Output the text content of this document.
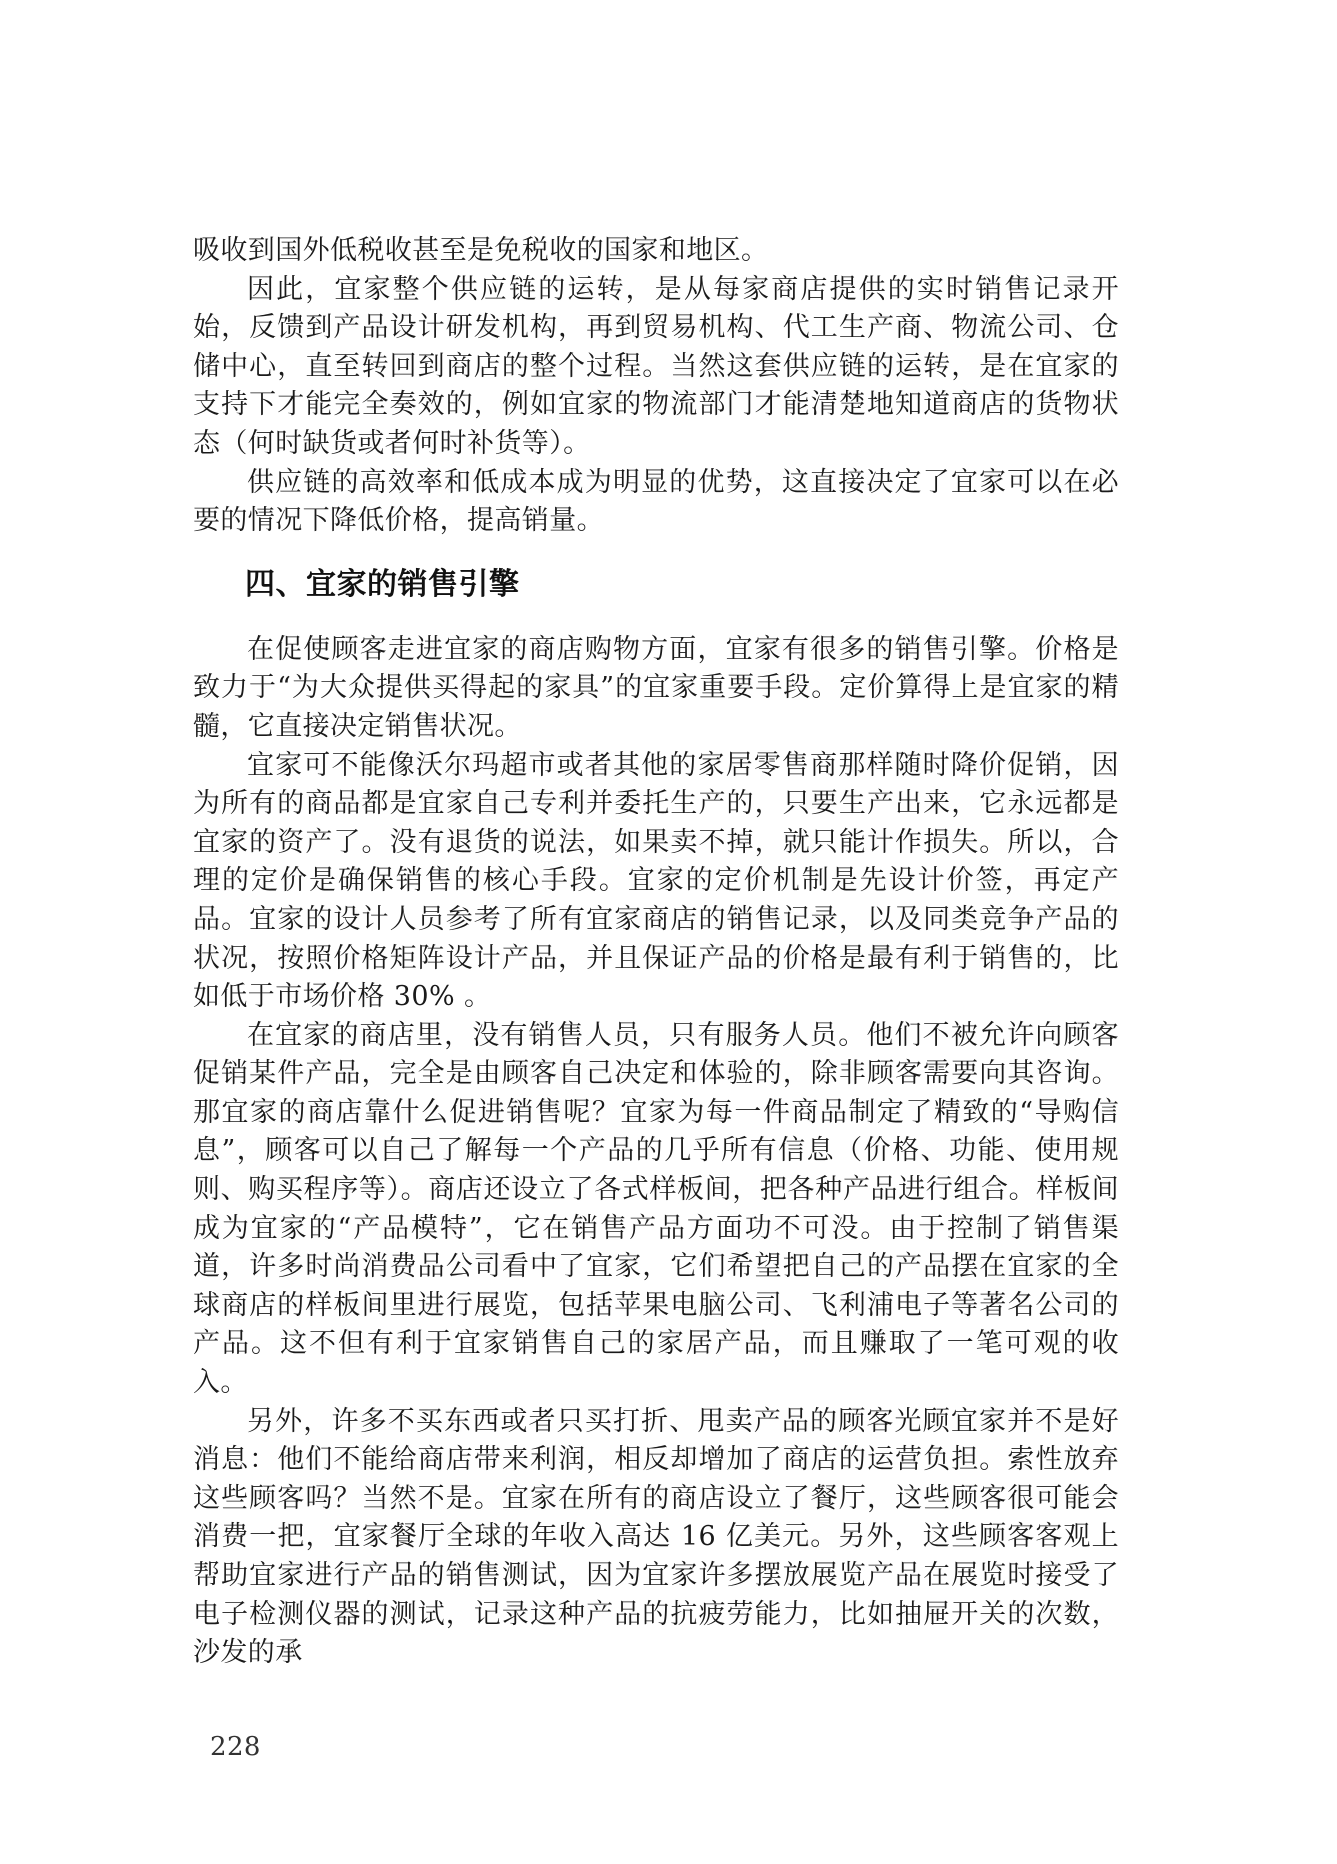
吸收到国外低税收甚至是免税收的国家和地区。

因此，宜家整个供应链的运转，是从每家商店提供的实时销售记录开始，反馈到产品设计研发机构，再到贸易机构、代工生产商、物流公司、仓储中心，直至转回到商店的整个过程。当然这套供应链的运转，是在宜家的支持下才能完全奏效的，例如宜家的物流部门才能清楚地知道商店的货物状态（何时缺货或者何时补货等）。

供应链的高效率和低成本成为明显的优势，这直接决定了宜家可以在必要的情况下降低价格，提高销量。

四、宜家的销售引擎

在促使顾客走进宜家的商店购物方面，宜家有很多的销售引擎。价格是致力于“为大众提供买得起的家具”的宜家重要手段。定价算得上是宜家的精髓，它直接决定销售状况。

宜家可不能像沃尔玛超市或者其他的家居零售商那样随时降价促销，因为所有的商品都是宜家自己专利并委托生产的，只要生产出来，它永远都是宜家的资产了。没有退货的说法，如果卖不掉，就只能计作损失。所以，合理的定价是确保销售的核心手段。宜家的定价机制是先设计价签，再定产品。宜家的设计人员参考了所有宜家商店的销售记录，以及同类竞争产品的状况，按照价格矩阵设计产品，并且保证产品的价格是最有利于销售的，比如低于市场价格 30% 。

在宜家的商店里，没有销售人员，只有服务人员。他们不被允许向顾客促销某件产品，完全是由顾客自己决定和体验的，除非顾客需要向其咨询。那宜家的商店靠什么促进销售呢？宜家为每一件商品制定了精致的“导购信息”，顾客可以自己了解每一个产品的几乎所有信息（价格、功能、使用规则、购买程序等）。商店还设立了各式样板间，把各种产品进行组合。样板间成为宜家的“产品模特”，它在销售产品方面功不可没。由于控制了销售渠道，许多时尚消费品公司看中了宜家，它们希望把自己的产品摆在宜家的全球商店的样板间里进行展览，包括苹果电脑公司、飞利浦电子等著名公司的产品。这不但有利于宜家销售自己的家居产品，而且赚取了一笔可观的收入。

另外，许多不买东西或者只买打折、甩卖产品的顾客光顾宜家并不是好消息：他们不能给商店带来利润，相反却增加了商店的运营负担。索性放弃这些顾客吗？当然不是。宜家在所有的商店设立了餐厅，这些顾客很可能会消费一把，宜家餐厅全球的年收入高达 16 亿美元。另外，这些顾客客观上帮助宜家进行产品的销售测试，因为宜家许多摆放展览产品在展览时接受了电子检测仪器的测试，记录这种产品的抗疲劳能力，比如抽屉开关的次数，沙发的承

228
